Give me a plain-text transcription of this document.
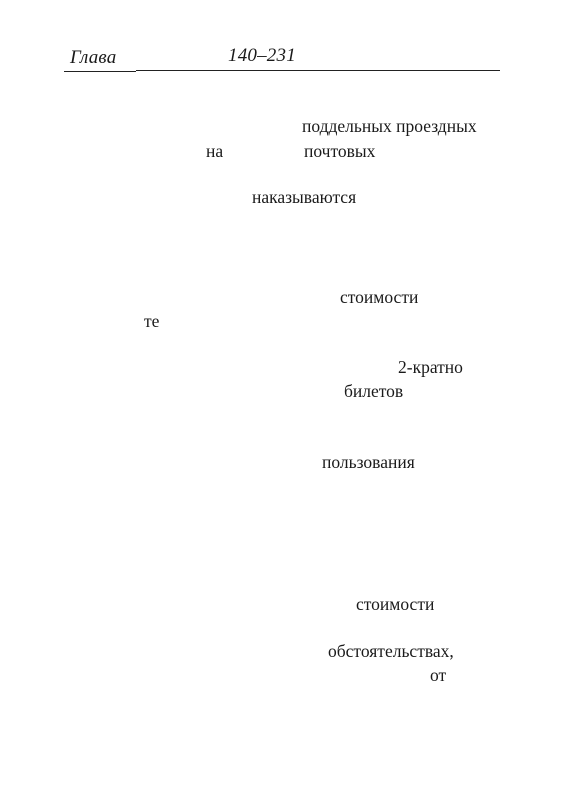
Глава	140–231
поддельных проездных
на	почтовых
наказываются
стоимости
те
2-кратно
билетов
пользования
стоимости
обстоятельствах,
от
